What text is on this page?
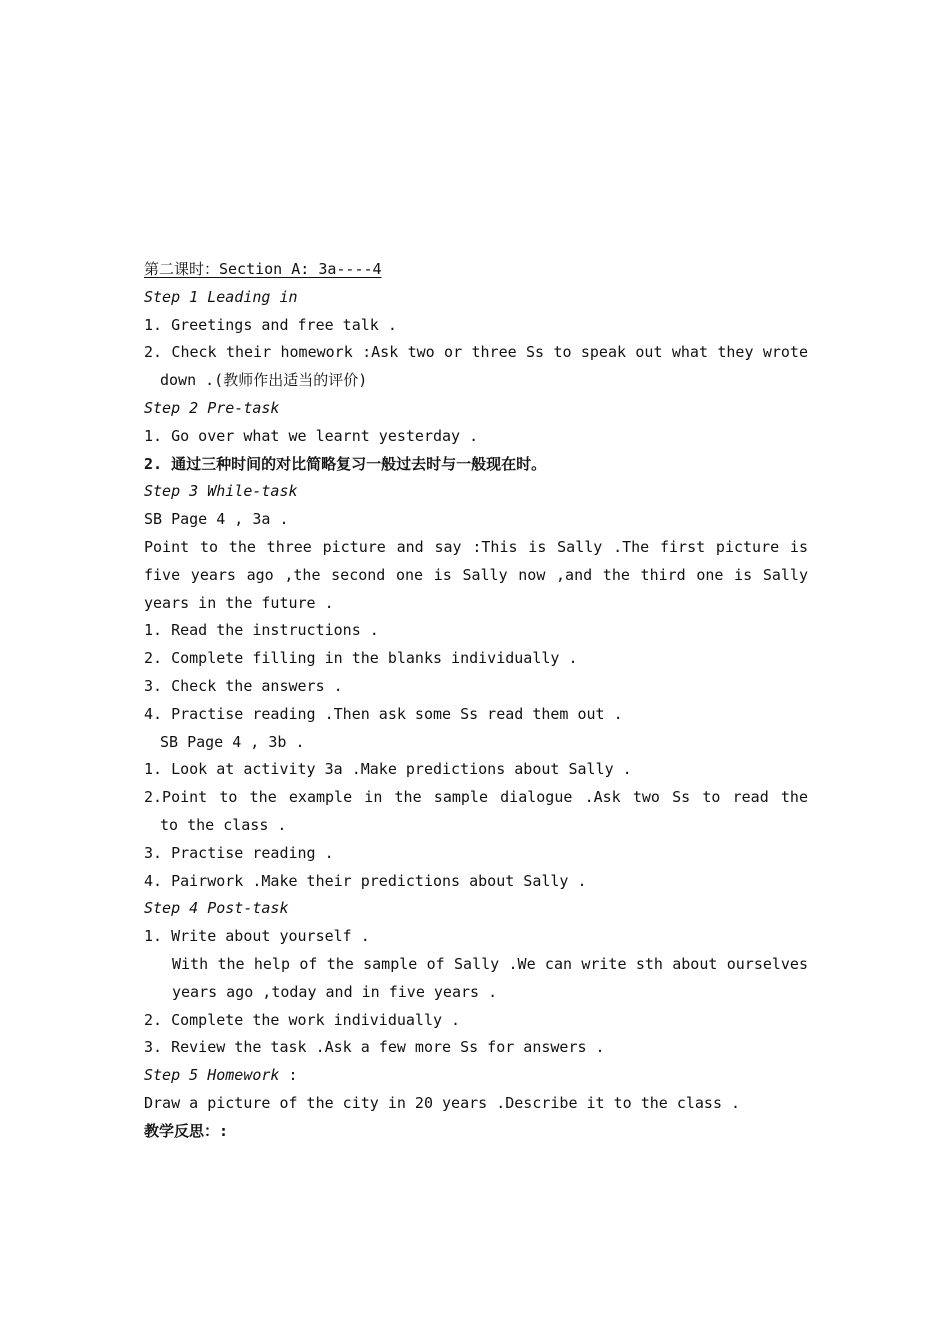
第二课时：Section A: 3a----4
Step 1 Leading in
1. Greetings and free talk .
2. Check their homework :Ask two or three Ss to speak out what they wrote
down .(教师作出适当的评价)
Step 2 Pre-task
1. Go over what we learnt yesterday .
2. 通过三种时间的对比简略复习一般过去时与一般现在时。
Step 3 While-task
SB Page 4 , 3a .
Point to the three picture and say :This is Sally .The first picture is
five years ago ,the second one is Sally now ,and the third one is Sally
years in the future .
1. Read the instructions .
2. Complete filling in the blanks individually .
3. Check the answers .
4. Practise reading .Then ask some Ss read them out .
SB Page 4 , 3b .
1. Look at activity 3a .Make predictions about Sally .
2.Point to the example in the sample dialogue .Ask two Ss to read the
to the class .
3. Practise reading .
4. Pairwork .Make their predictions about Sally .
Step 4 Post-task
1. Write about yourself .
With the help of the sample of Sally .We can write sth about ourselves
years ago ,today and in five years .
2. Complete the work individually .
3. Review the task .Ask a few more Ss for answers .
Step 5 Homework :
Draw a picture of the city in 20 years .Describe it to the class .
教学反思：:
